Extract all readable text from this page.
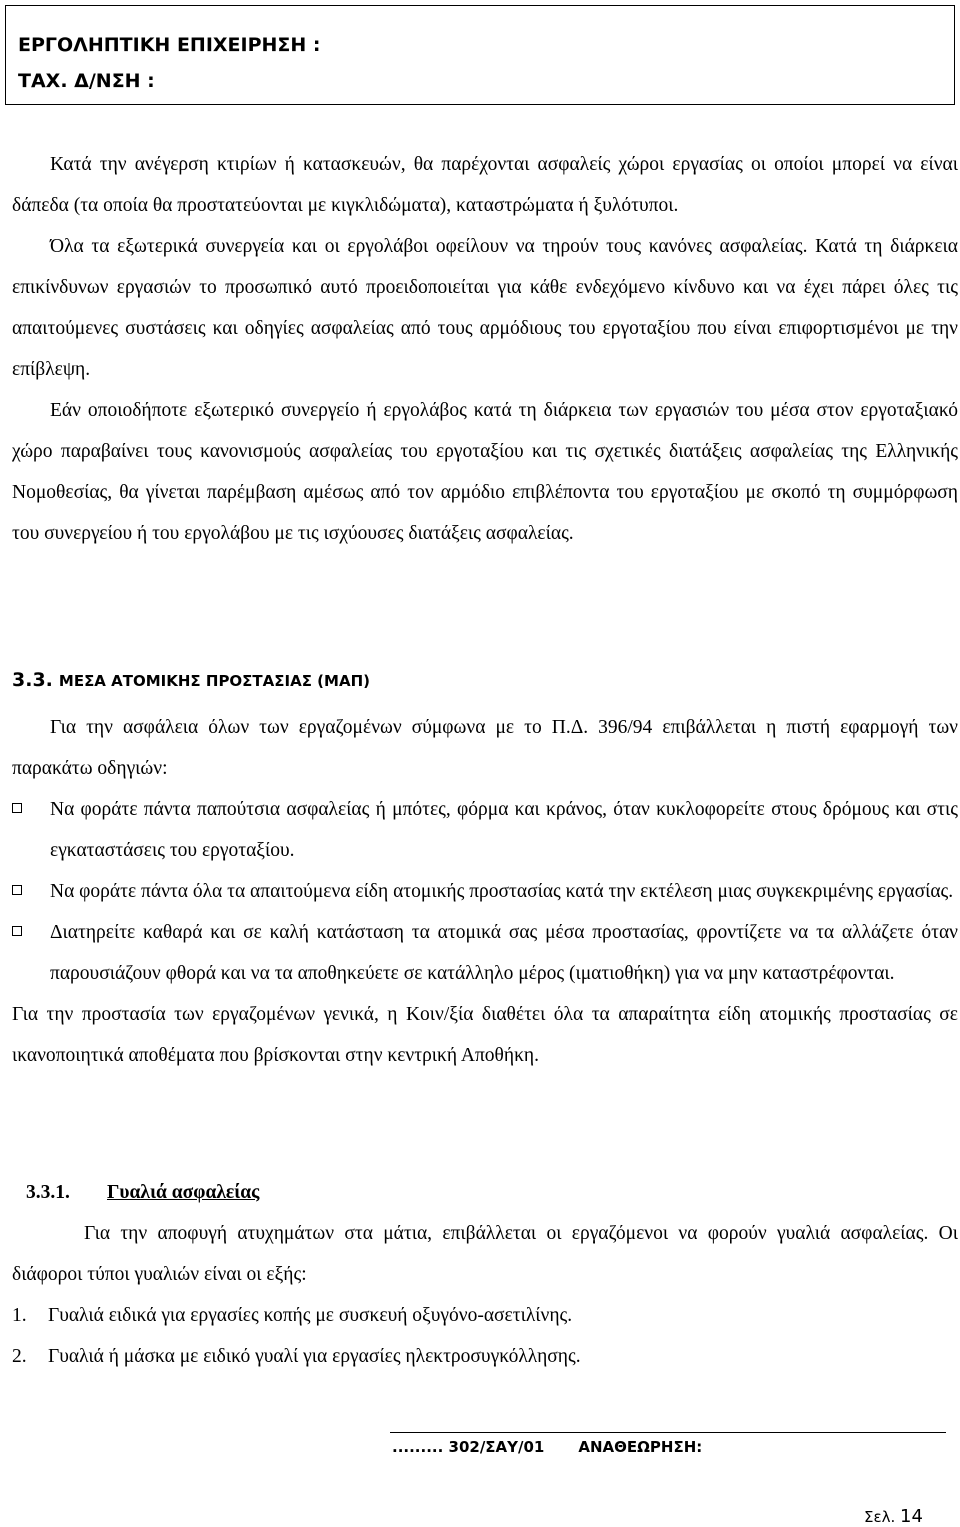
ΕΡΓΟΛΗΠΤΙΚΗ ΕΠΙΧΕΙΡΗΣΗ :
ΤΑΧ. Δ/ΝΣΗ :

Κατά την ανέγερση κτιρίων ή κατασκευών, θα παρέχονται ασφαλείς χώροι εργασίας οι οποίοι μπορεί να είναι δάπεδα (τα οποία θα προστατεύονται με κιγκλιδώματα), καταστρώματα ή ξυλότυποι.

Όλα τα εξωτερικά συνεργεία και οι εργολάβοι οφείλουν να τηρούν τους κανόνες ασφαλείας. Κατά τη διάρκεια επικίνδυνων εργασιών το προσωπικό αυτό προειδοποιείται για κάθε ενδεχόμενο κίνδυνο και να έχει πάρει όλες τις απαιτούμενες συστάσεις και οδηγίες ασφαλείας από τους αρμόδιους του εργοταξίου που είναι επιφορτισμένοι με την επίβλεψη.

Εάν οποιοδήποτε εξωτερικό συνεργείο ή εργολάβος κατά τη διάρκεια των εργασιών του μέσα στον εργοταξιακό χώρο παραβαίνει τους κανονισμούς ασφαλείας του εργοταξίου και τις σχετικές διατάξεις ασφαλείας της Ελληνικής Νομοθεσίας, θα γίνεται παρέμβαση αμέσως από τον αρμόδιο επιβλέποντα του εργοταξίου με σκοπό τη συμμόρφωση του συνεργείου ή του εργολάβου με τις ισχύουσες διατάξεις ασφαλείας.

3.3. ΜΕΣΑ ΑΤΟΜΙΚΗΣ ΠΡΟΣΤΑΣΙΑΣ (ΜΑΠ)

Για την ασφάλεια όλων των εργαζομένων σύμφωνα με το Π.Δ. 396/94 επιβάλλεται η πιστή εφαρμογή των παρακάτω οδηγιών:

Να φοράτε πάντα παπούτσια ασφαλείας ή μπότες, φόρμα και κράνος, όταν κυκλοφορείτε στους δρόμους και στις εγκαταστάσεις του εργοταξίου.
Να φοράτε πάντα όλα τα απαιτούμενα είδη ατομικής προστασίας κατά την εκτέλεση μιας συγκεκριμένης εργασίας.
Διατηρείτε καθαρά και σε καλή κατάσταση τα ατομικά σας μέσα προστασίας, φροντίζετε να τα αλλάζετε όταν παρουσιάζουν φθορά και να τα αποθηκεύετε σε κατάλληλο μέρος (ιματιοθήκη) για να μην καταστρέφονται.

Για την προστασία των εργαζομένων γενικά, η Κοιν/ξία διαθέτει όλα τα απαραίτητα είδη ατομικής προστασίας σε ικανοποιητικά αποθέματα που βρίσκονται στην κεντρική Αποθήκη.

3.3.1. Γυαλιά ασφαλείας

Για την αποφυγή ατυχημάτων στα μάτια, επιβάλλεται οι εργαζόμενοι να φορούν γυαλιά ασφαλείας. Οι διάφοροι τύποι γυαλιών είναι οι εξής:

1.	Γυαλιά ειδικά για εργασίες κοπής με συσκευή οξυγόνο-ασετιλίνης.
2.	Γυαλιά ή μάσκα με ειδικό γυαλί για εργασίες ηλεκτροσυγκόλλησης.
......... 302/ΣΑΥ/01 ΑΝΑΘΕΩΡΗΣΗ:
Σελ. 14
